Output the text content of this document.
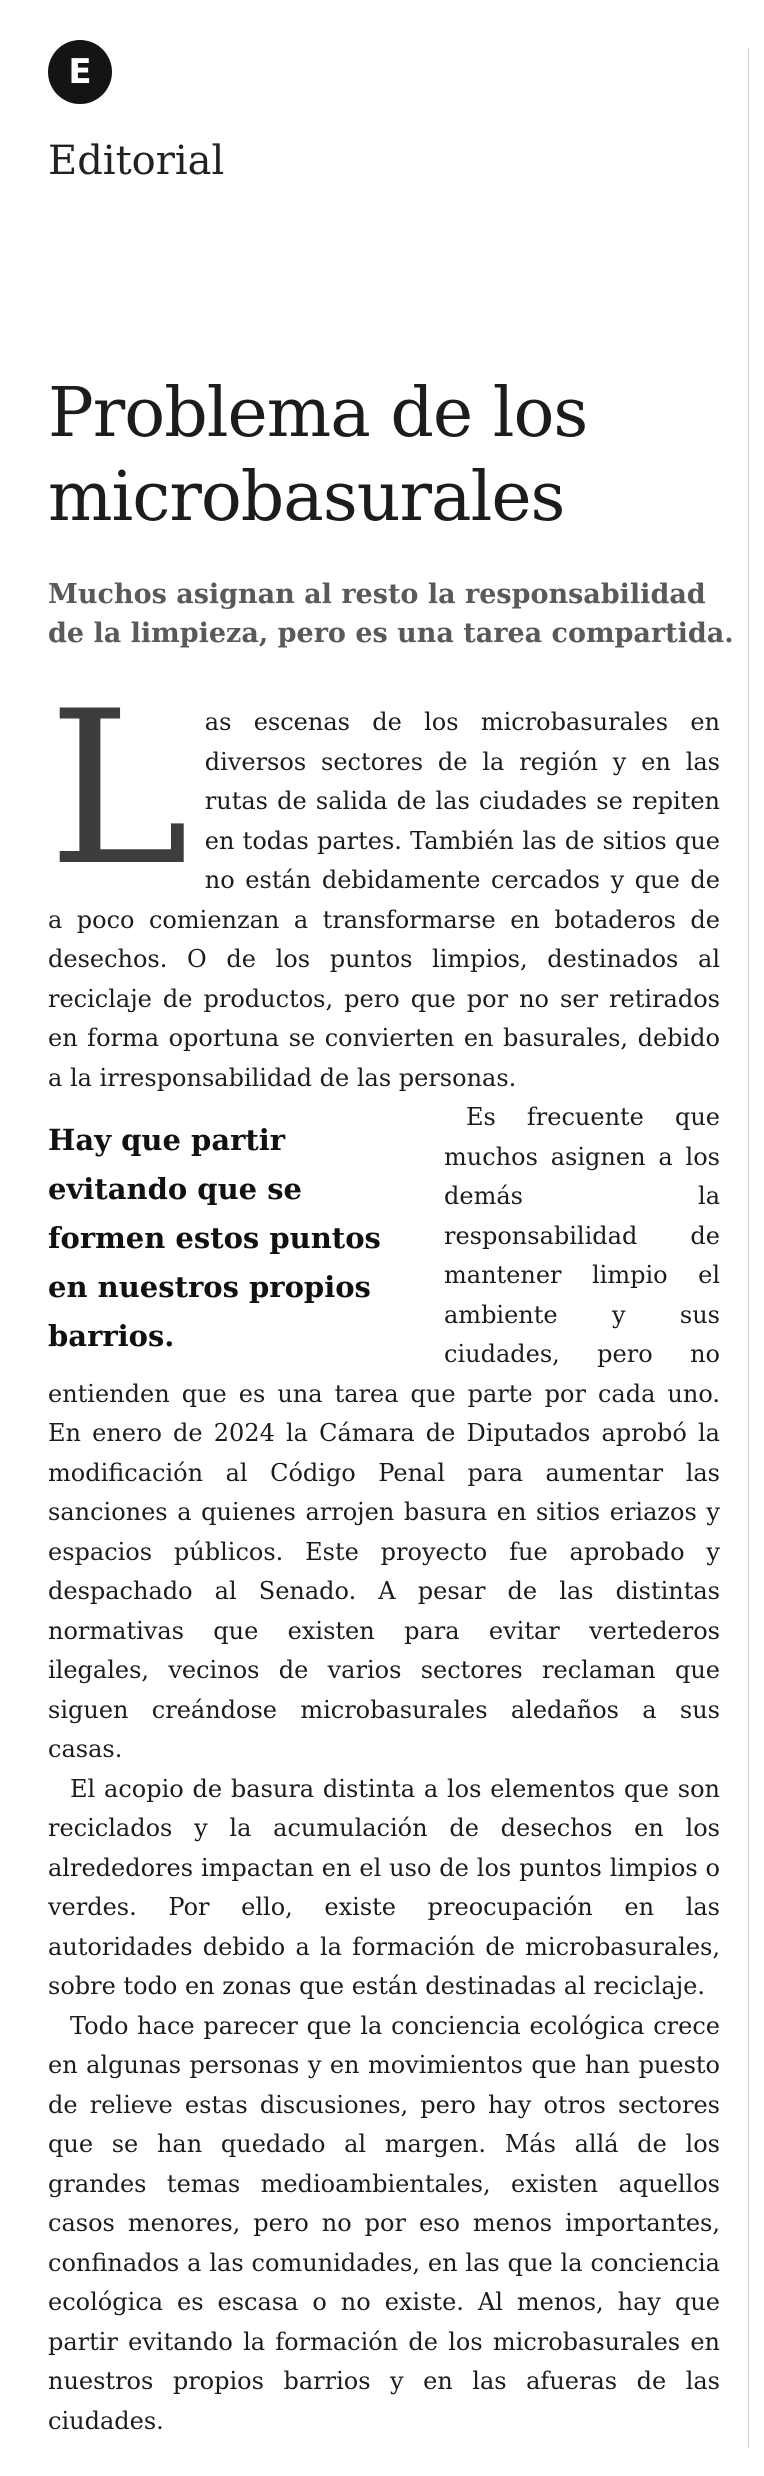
E
Editorial
Problema de los microbasurales

Muchos asignan al resto la responsabilidad de la limpieza, pero es una tarea compartida.

Las escenas de los microbasurales en diversos sectores de la región y en las rutas de salida de las ciudades se repiten en todas partes. También las de sitios que no están debidamente cercados y que de a poco comienzan a transformarse en botaderos de desechos. O de los puntos limpios, destinados al reciclaje de productos, pero que por no ser retirados en forma oportuna se convierten en basurales, debido a la irresponsabilidad de las personas.

Hay que partir evitando que se formen estos puntos en nuestros propios barrios.
Es frecuente que muchos asignen a los demás la responsabilidad de mantener limpio el ambiente y sus ciudades, pero no entienden que es una tarea que parte por cada uno. En enero de 2024 la Cámara de Diputados aprobó la modificación al Código Penal para aumentar las sanciones a quienes arrojen basura en sitios eriazos y espacios públicos. Este proyecto fue aprobado y despachado al Senado. A pesar de las distintas normativas que existen para evitar vertederos ilegales, vecinos de varios sectores reclaman que siguen creándose microbasurales aledaños a sus casas.

El acopio de basura distinta a los elementos que son reciclados y la acumulación de desechos en los alrededores impactan en el uso de los puntos limpios o verdes. Por ello, existe preocupación en las autoridades debido a la formación de microbasurales, sobre todo en zonas que están destinadas al reciclaje.

Todo hace parecer que la conciencia ecológica crece en algunas personas y en movimientos que han puesto de relieve estas discusiones, pero hay otros sectores que se han quedado al margen. Más allá de los grandes temas medioambientales, existen aquellos casos menores, pero no por eso menos importantes, confinados a las comunidades, en las que la conciencia ecológica es escasa o no existe. Al menos, hay que partir evitando la formación de los microbasurales en nuestros propios barrios y en las afueras de las ciudades.
